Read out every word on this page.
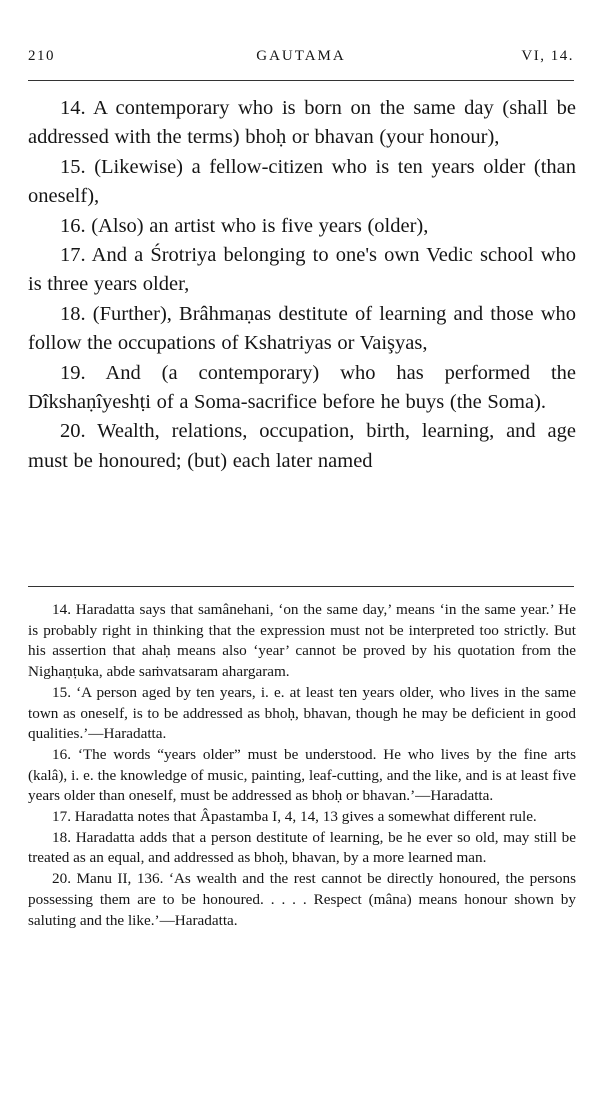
210	GAUTAMA	VI, 14.

14. A contemporary who is born on the same day (shall be addressed with the terms) bhoḥ or bhavan (your honour),

15. (Likewise) a fellow-citizen who is ten years older (than oneself),

16. (Also) an artist who is five years (older),

17. And a Śrotriya belonging to one's own Vedic school who is three years older,

18. (Further), Brâhmaṇas destitute of learning and those who follow the occupations of Kshatriyas or Vaişyas,

19. And (a contemporary) who has performed the Dîkshaṇîyeshṭi of a Soma-sacrifice before he buys (the Soma).

20. Wealth, relations, occupation, birth, learning, and age must be honoured; (but) each later named

14. Haradatta says that samânehani, ‘on the same day,’ means ‘in the same year.’ He is probably right in thinking that the expression must not be interpreted too strictly. But his assertion that ahaḥ means also ‘year’ cannot be proved by his quotation from the Nighaṇṭuka, abde saṁvatsaram ahargaram.

15. ‘A person aged by ten years, i. e. at least ten years older, who lives in the same town as oneself, is to be addressed as bhoḥ, bhavan, though he may be deficient in good qualities.’—Haradatta.

16. ‘The words “years older” must be understood. He who lives by the fine arts (kalâ), i. e. the knowledge of music, painting, leaf-cutting, and the like, and is at least five years older than oneself, must be addressed as bhoḥ or bhavan.’—Haradatta.

17. Haradatta notes that Âpastamba I, 4, 14, 13 gives a somewhat different rule.

18. Haradatta adds that a person destitute of learning, be he ever so old, may still be treated as an equal, and addressed as bhoḥ, bhavan, by a more learned man.

20. Manu II, 136. ‘As wealth and the rest cannot be directly honoured, the persons possessing them are to be honoured. . . . . Respect (mâna) means honour shown by saluting and the like.’—Haradatta.
